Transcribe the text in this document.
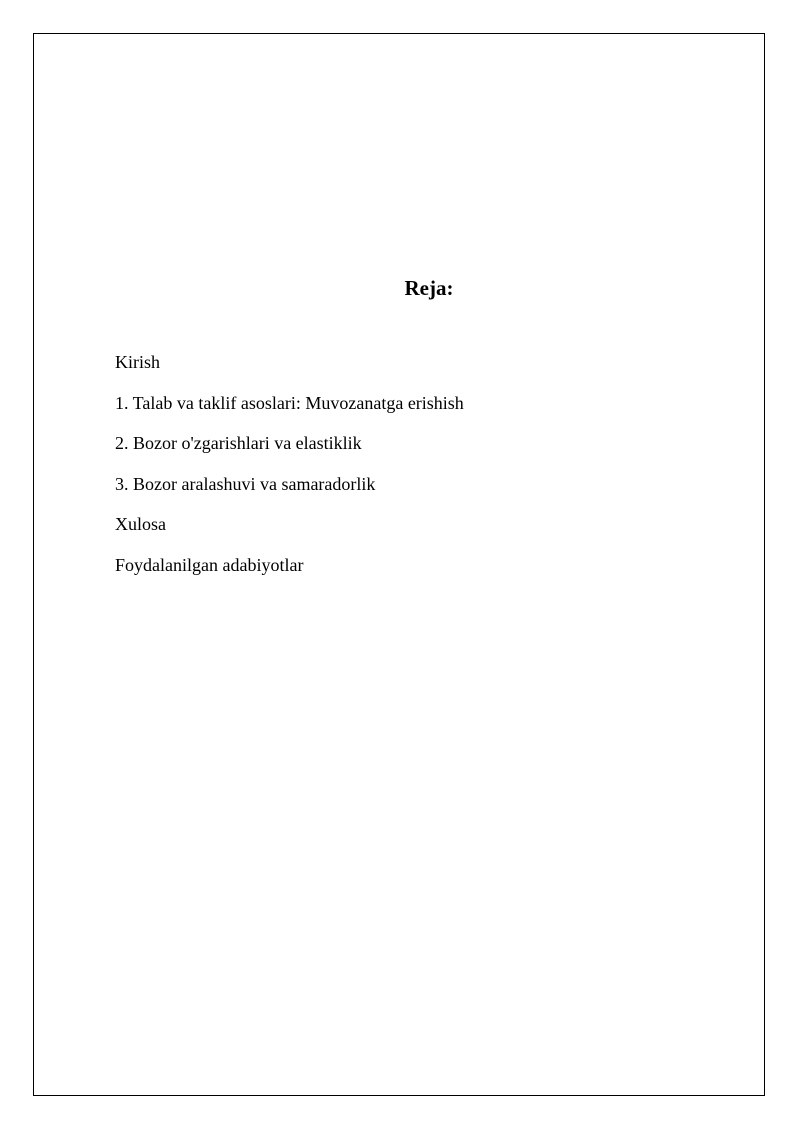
Reja:
Kirish
1. Talab va taklif asoslari: Muvozanatga erishish
2. Bozor o'zgarishlari va elastiklik
3. Bozor aralashuvi va samaradorlik
Xulosa
Foydalanilgan adabiyotlar
